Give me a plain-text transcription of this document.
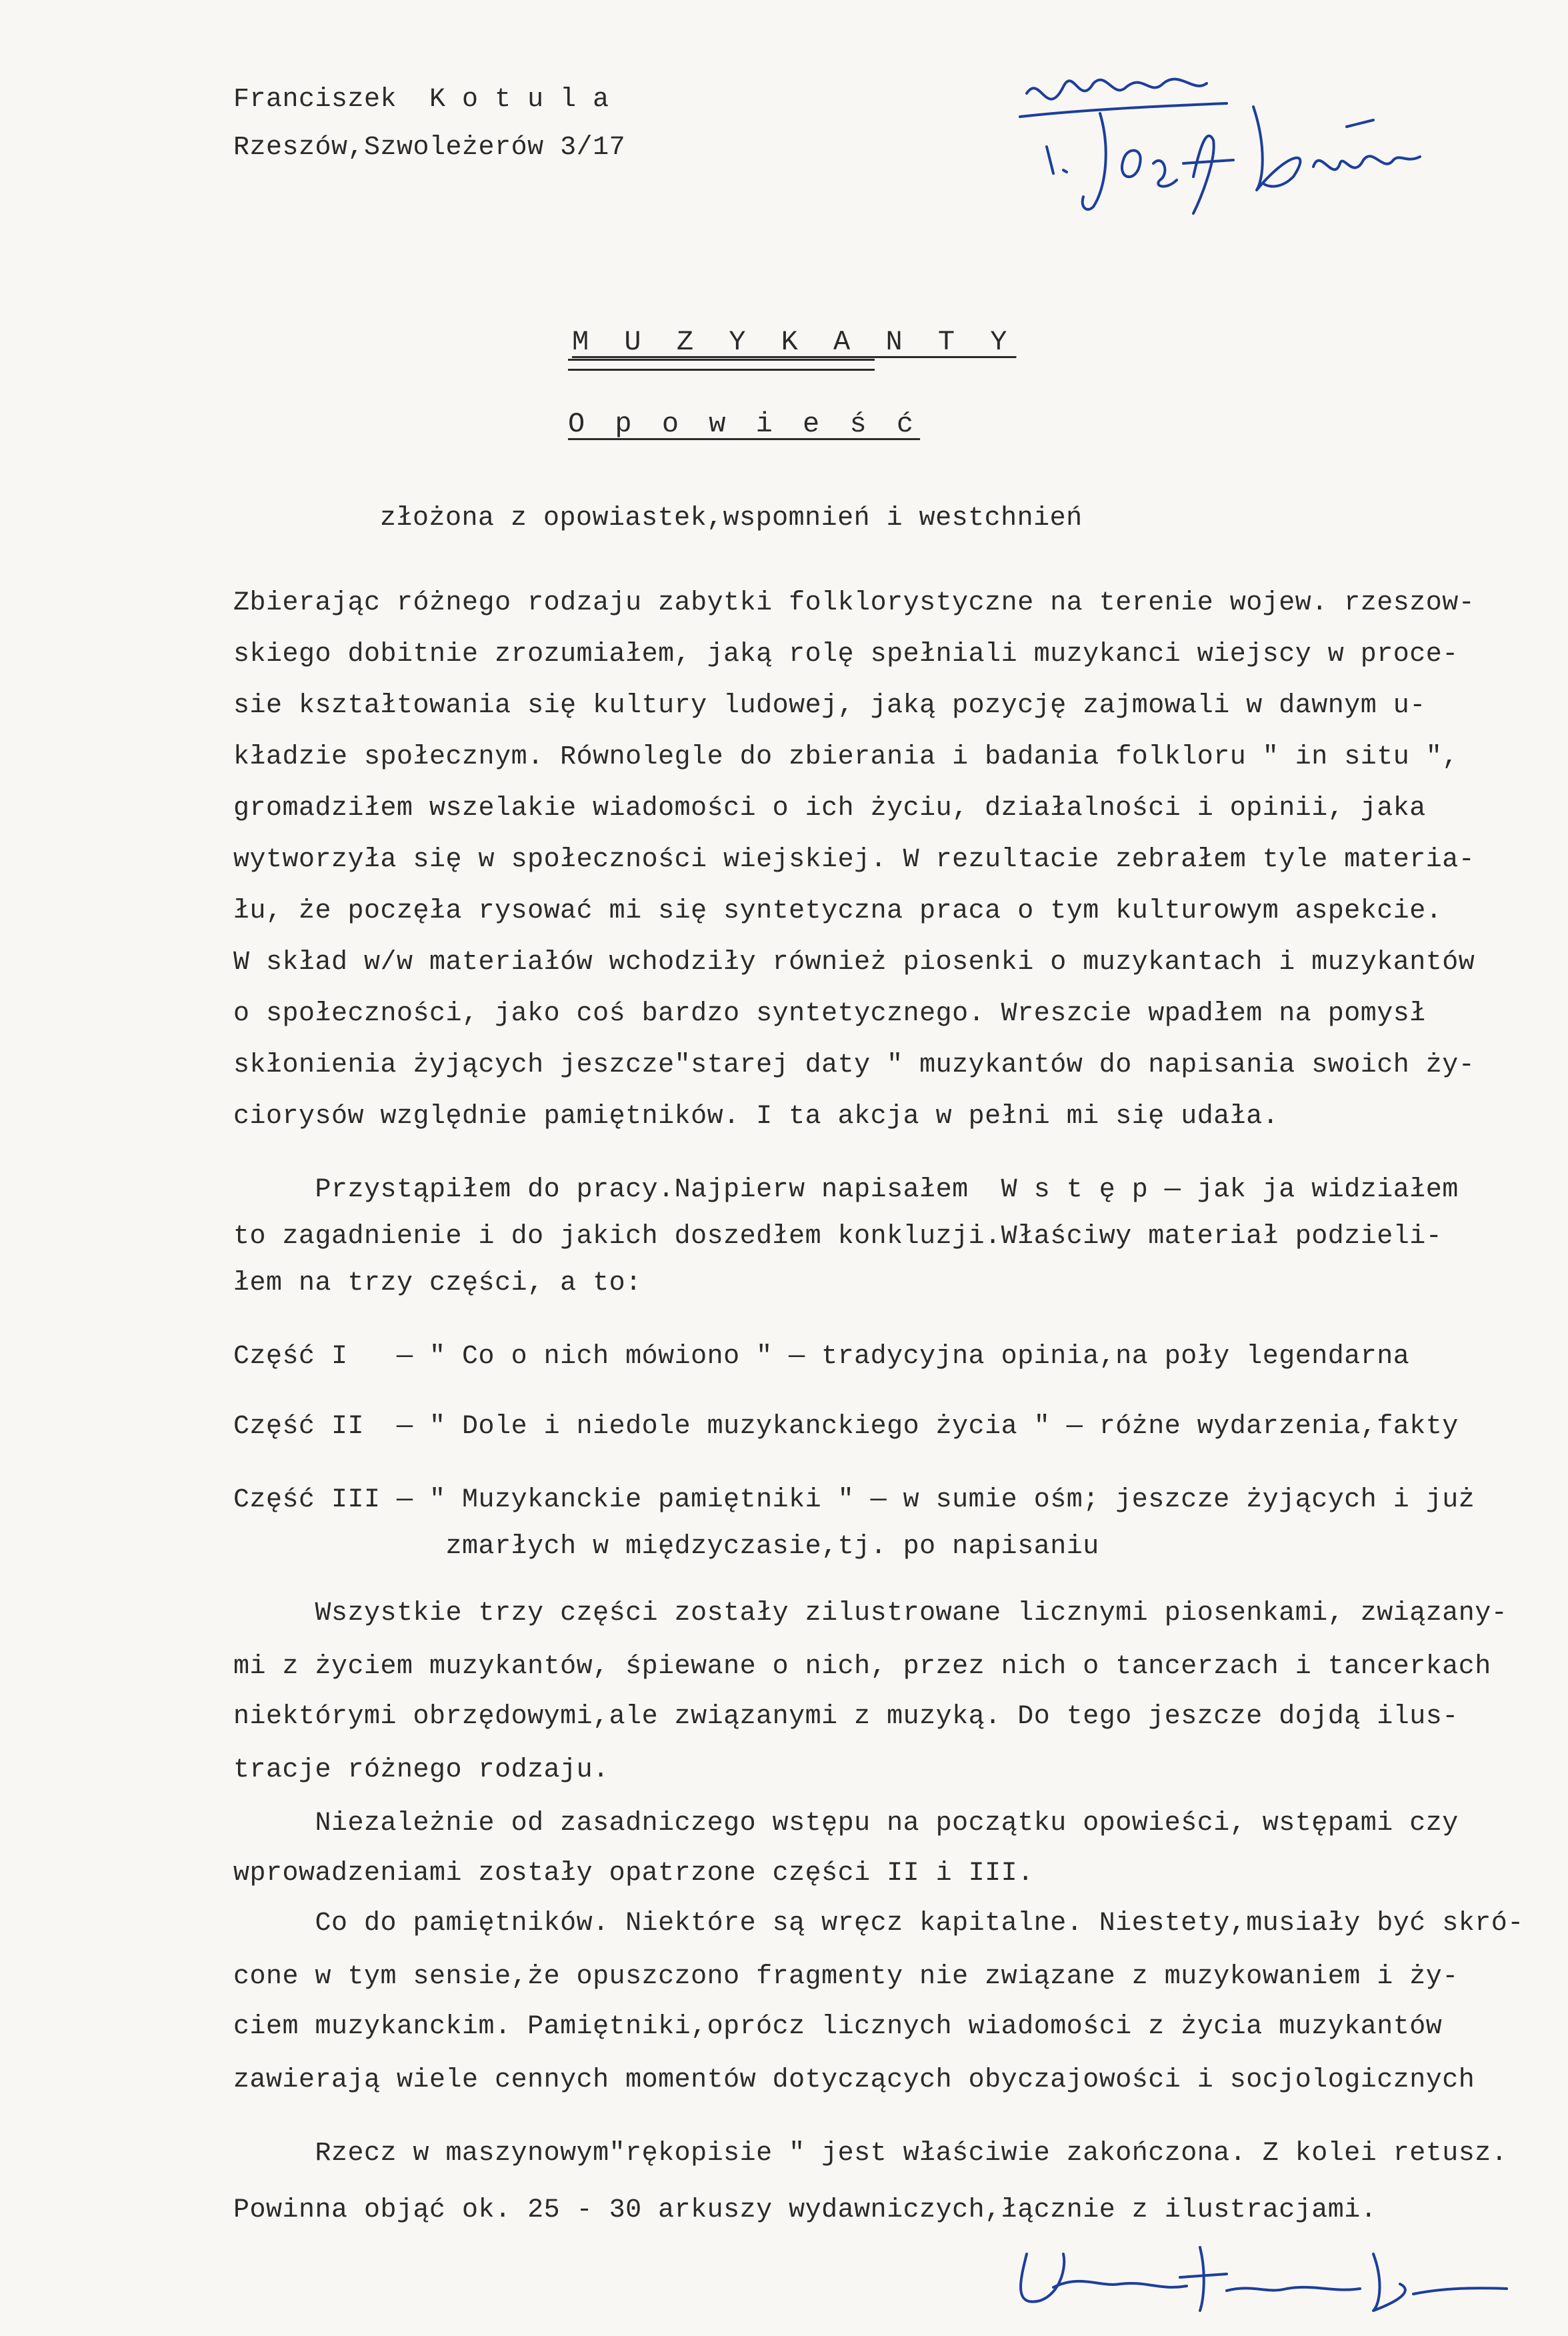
Franciszek  K o t u l a
Rzeszów,Szwoleżerów 3/17
M U Z Y K A N T Y
O p o w i e ś ć
złożona z opowiastek,wspomnień i westchnień
Zbierając różnego rodzaju zabytki folklorystyczne na terenie wojew. rzeszow-
skiego dobitnie zrozumiałem, jaką rolę spełniali muzykanci wiejscy w proce-
sie kształtowania się kultury ludowej, jaką pozycję zajmowali w dawnym u-
kładzie społecznym. Równolegle do zbierania i badania folkloru " in situ ",
gromadziłem wszelakie wiadomości o ich życiu, działalności i opinii, jaka
wytworzyła się w społeczności wiejskiej. W rezultacie zebrałem tyle materia-
łu, że poczęła rysować mi się syntetyczna praca o tym kulturowym aspekcie.
W skład w/w materiałów wchodziły również piosenki o muzykantach i muzykantów
o społeczności, jako coś bardzo syntetycznego. Wreszcie wpadłem na pomysł
skłonienia żyjących jeszcze"starej daty " muzykantów do napisania swoich ży-
ciorysów względnie pamiętników. I ta akcja w pełni mi się udała.
Przystąpiłem do pracy.Najpierw napisałem  W s t ę p — jak ja widziałem
to zagadnienie i do jakich doszedłem konkluzji.Właściwy materiał podzieli-
łem na trzy części, a to:
Część I   — " Co o nich mówiono " — tradycyjna opinia,na poły legendarna
Część II  — " Dole i niedole muzykanckiego życia " — różne wydarzenia,fakty
Część III — " Muzykanckie pamiętniki " — w sumie ośm; jeszcze żyjących i już
zmarłych w międzyczasie,tj. po napisaniu
Wszystkie trzy części zostały zilustrowane licznymi piosenkami, związany-
mi z życiem muzykantów, śpiewane o nich, przez nich o tancerzach i tancerkach
niektórymi obrzędowymi,ale związanymi z muzyką. Do tego jeszcze dojdą ilus-
tracje różnego rodzaju.
Niezależnie od zasadniczego wstępu na początku opowieści, wstępami czy
wprowadzeniami zostały opatrzone części II i III.
Co do pamiętników. Niektóre są wręcz kapitalne. Niestety,musiały być skró-
cone w tym sensie,że opuszczono fragmenty nie związane z muzykowaniem i ży-
ciem muzykanckim. Pamiętniki,oprócz licznych wiadomości z życia muzykantów
zawierają wiele cennych momentów dotyczących obyczajowości i socjologicznych
Rzecz w maszynowym"rękopisie " jest właściwie zakończona. Z kolei retusz.
Powinna objąć ok. 25 - 30 arkuszy wydawniczych,łącznie z ilustracjami.
